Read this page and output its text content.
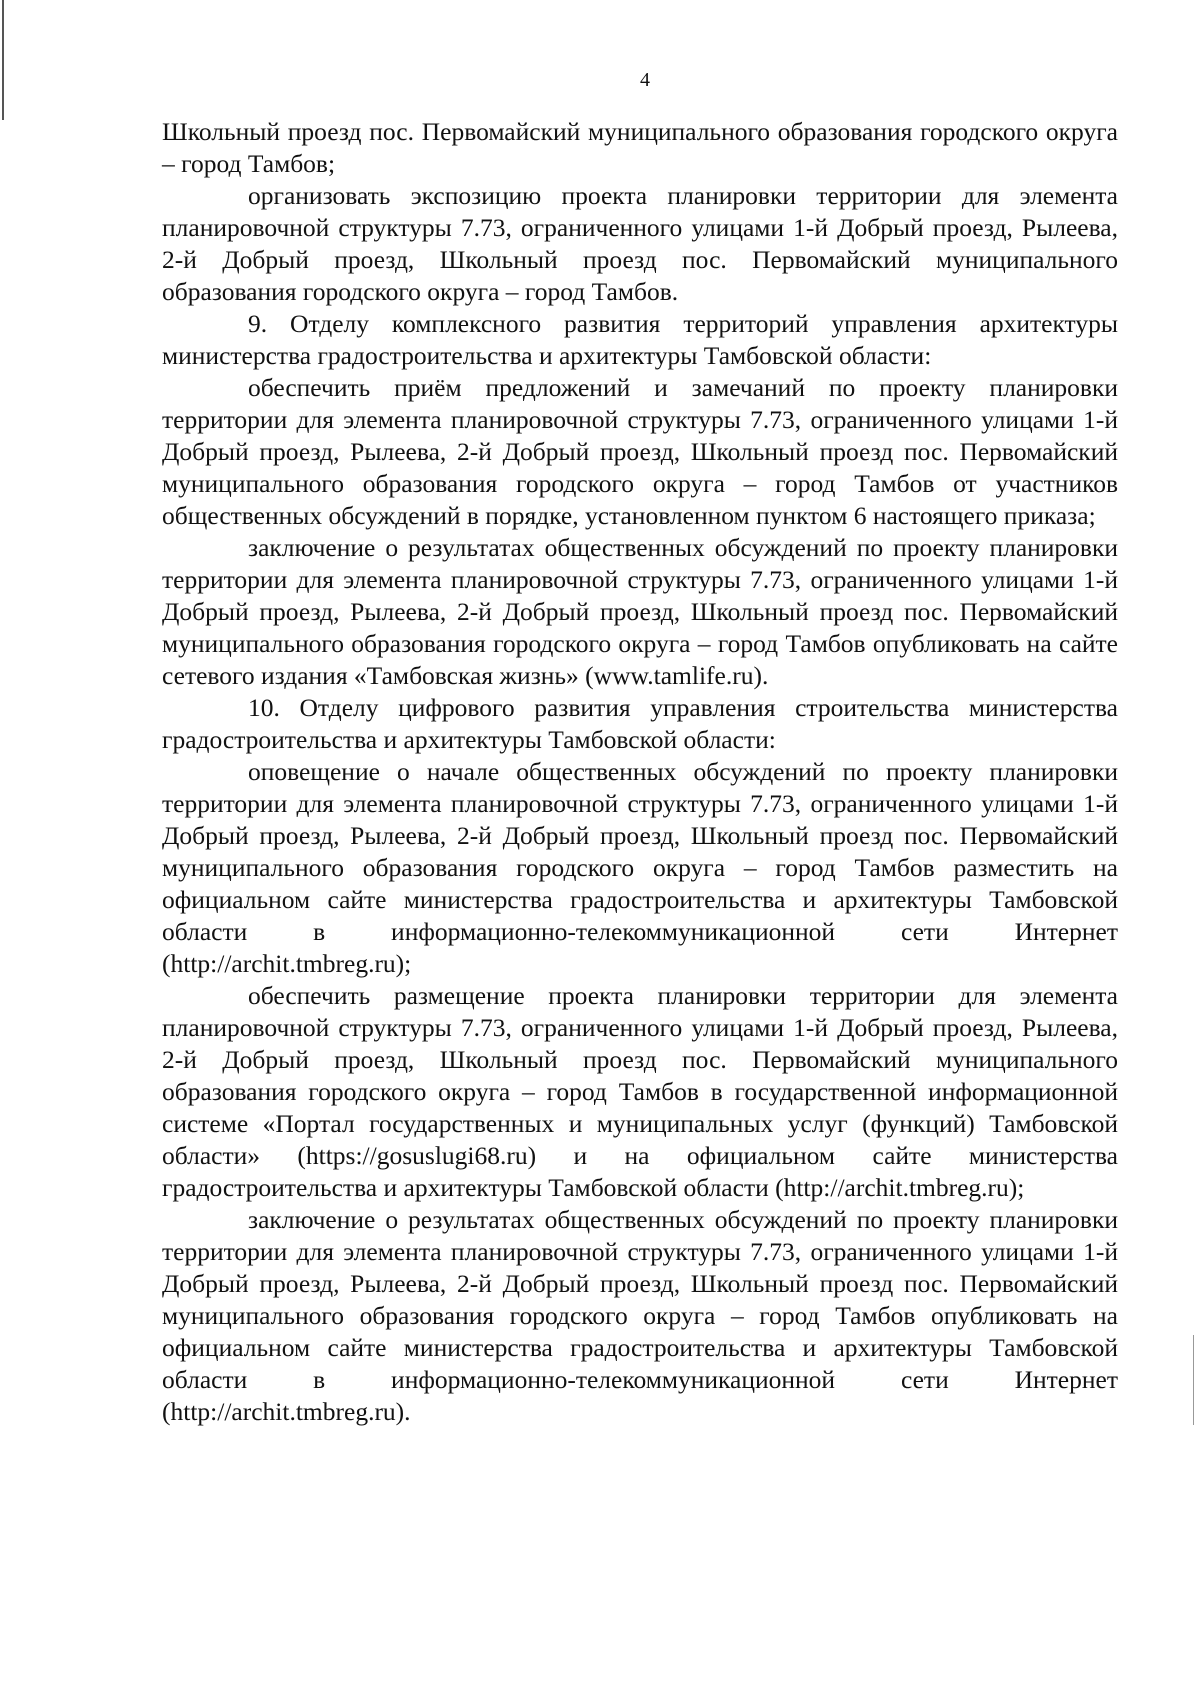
4

Школьный проезд пос. Первомайский муниципального образования городского округа – город Тамбов;

организовать экспозицию проекта планировки территории для элемента планировочной структуры 7.73, ограниченного улицами 1-й Добрый проезд, Рылеева, 2-й Добрый проезд, Школьный проезд пос. Первомайский муниципального образования городского округа – город Тамбов.

9. Отделу комплексного развития территорий управления архитектуры министерства градостроительства и архитектуры Тамбовской области:

обеспечить приём предложений и замечаний по проекту планировки территории для элемента планировочной структуры 7.73, ограниченного улицами 1-й Добрый проезд, Рылеева, 2-й Добрый проезд, Школьный проезд пос. Первомайский муниципального образования городского округа – город Тамбов от участников общественных обсуждений в порядке, установленном пунктом 6 настоящего приказа;

заключение о результатах общественных обсуждений по проекту планировки территории для элемента планировочной структуры 7.73, ограниченного улицами 1-й Добрый проезд, Рылеева, 2-й Добрый проезд, Школьный проезд пос. Первомайский муниципального образования городского округа – город Тамбов опубликовать на сайте сетевого издания «Тамбовская жизнь» (www.tamlife.ru).

10. Отделу цифрового развития управления строительства министерства градостроительства и архитектуры Тамбовской области:

оповещение о начале общественных обсуждений по проекту планировки территории для элемента планировочной структуры 7.73, ограниченного улицами 1-й Добрый проезд, Рылеева, 2-й Добрый проезд, Школьный проезд пос. Первомайский муниципального образования городского округа – город Тамбов разместить на официальном сайте министерства градостроительства и архитектуры Тамбовской области в информационно-телекоммуникационной сети Интернет (http://archit.tmbreg.ru);

обеспечить размещение проекта планировки территории для элемента планировочной структуры 7.73, ограниченного улицами 1-й Добрый проезд, Рылеева, 2-й Добрый проезд, Школьный проезд пос. Первомайский муниципального образования городского округа – город Тамбов в государственной информационной системе «Портал государственных и муниципальных услуг (функций) Тамбовской области» (https://gosuslugi68.ru) и на официальном сайте министерства градостроительства и архитектуры Тамбовской области (http://archit.tmbreg.ru);

заключение о результатах общественных обсуждений по проекту планировки территории для элемента планировочной структуры 7.73, ограниченного улицами 1-й Добрый проезд, Рылеева, 2-й Добрый проезд, Школьный проезд пос. Первомайский муниципального образования городского округа – город Тамбов опубликовать на официальном сайте министерства градостроительства и архитектуры Тамбовской области в информационно-телекоммуникационной сети Интернет (http://archit.tmbreg.ru).
